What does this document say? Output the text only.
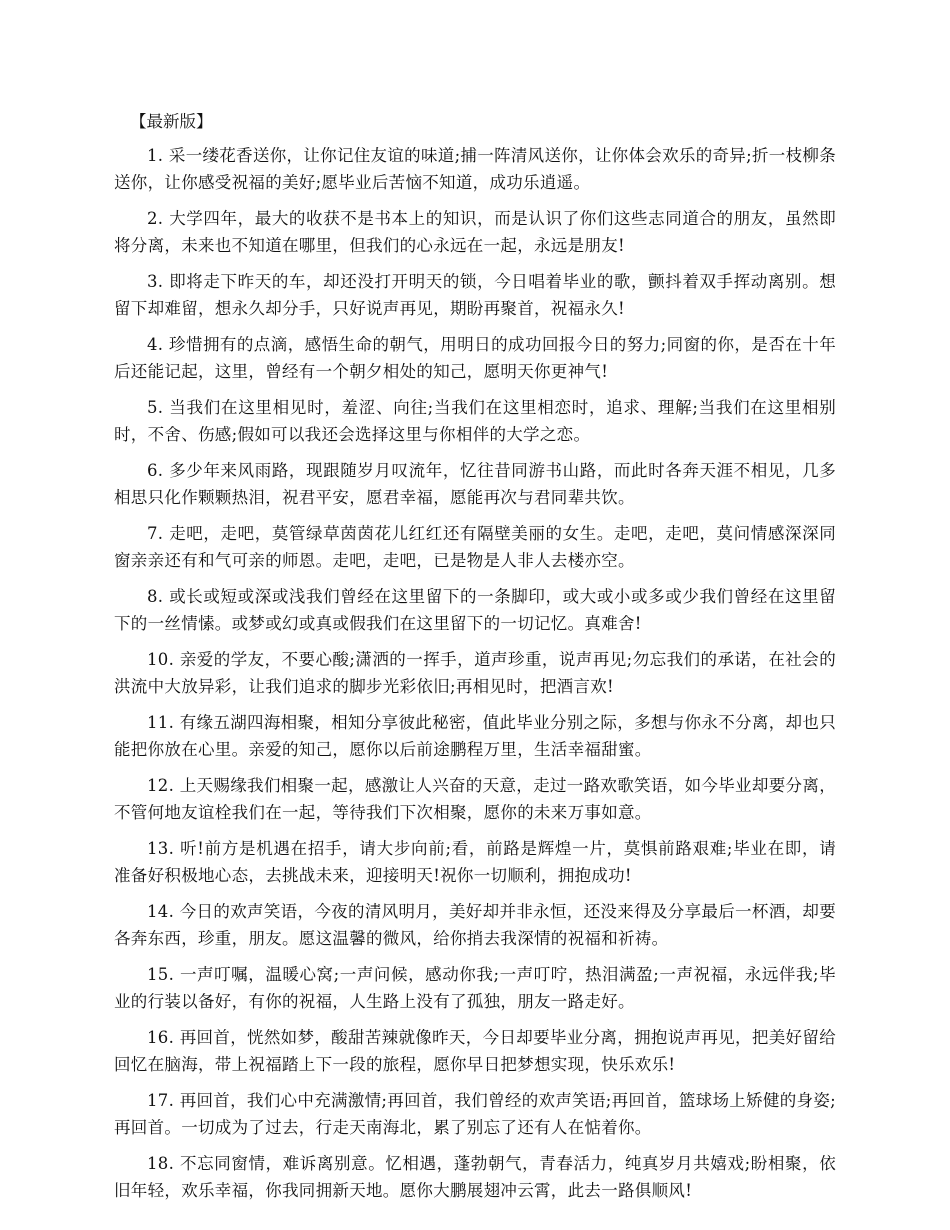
【最新版】

1. 采一缕花香送你，让你记住友谊的味道;捕一阵清风送你，让你体会欢乐的奇异;折一枝柳条送你，让你感受祝福的美好;愿毕业后苦恼不知道，成功乐逍遥。

2. 大学四年，最大的收获不是书本上的知识，而是认识了你们这些志同道合的朋友，虽然即将分离，未来也不知道在哪里，但我们的心永远在一起，永远是朋友!

3. 即将走下昨天的车，却还没打开明天的锁，今日唱着毕业的歌，颤抖着双手挥动离别。想留下却难留，想永久却分手，只好说声再见，期盼再聚首，祝福永久!

4. 珍惜拥有的点滴，感悟生命的朝气，用明日的成功回报今日的努力;同窗的你，是否在十年后还能记起，这里，曾经有一个朝夕相处的知己，愿明天你更神气!

5. 当我们在这里相见时，羞涩、向往;当我们在这里相恋时，追求、理解;当我们在这里相别时，不舍、伤感;假如可以我还会选择这里与你相伴的大学之恋。

6. 多少年来风雨路，现跟随岁月叹流年，忆往昔同游书山路，而此时各奔天涯不相见，几多相思只化作颗颗热泪，祝君平安，愿君幸福，愿能再次与君同辈共饮。

7. 走吧，走吧，莫管绿草茵茵花儿红红还有隔壁美丽的女生。走吧，走吧，莫问情感深深同窗亲亲还有和气可亲的师恩。走吧，走吧，已是物是人非人去楼亦空。

8. 或长或短或深或浅我们曾经在这里留下的一条脚印，或大或小或多或少我们曾经在这里留下的一丝情愫。或梦或幻或真或假我们在这里留下的一切记忆。真难舍!

10. 亲爱的学友，不要心酸;潇洒的一挥手，道声珍重，说声再见;勿忘我们的承诺，在社会的洪流中大放异彩，让我们追求的脚步光彩依旧;再相见时，把酒言欢!

11. 有缘五湖四海相聚，相知分享彼此秘密，值此毕业分别之际，多想与你永不分离，却也只能把你放在心里。亲爱的知己，愿你以后前途鹏程万里，生活幸福甜蜜。

12. 上天赐缘我们相聚一起，感激让人兴奋的天意，走过一路欢歌笑语，如今毕业却要分离，不管何地友谊栓我们在一起，等待我们下次相聚，愿你的未来万事如意。

13. 听!前方是机遇在招手，请大步向前;看，前路是辉煌一片，莫惧前路艰难;毕业在即，请准备好积极地心态，去挑战未来，迎接明天!祝你一切顺利，拥抱成功!

14. 今日的欢声笑语，今夜的清风明月，美好却并非永恒，还没来得及分享最后一杯酒，却要各奔东西，珍重，朋友。愿这温馨的微风，给你捎去我深情的祝福和祈祷。

15. 一声叮嘱，温暖心窝;一声问候，感动你我;一声叮咛，热泪满盈;一声祝福，永远伴我;毕业的行装以备好，有你的祝福，人生路上没有了孤独，朋友一路走好。

16. 再回首，恍然如梦，酸甜苦辣就像昨天，今日却要毕业分离，拥抱说声再见，把美好留给回忆在脑海，带上祝福踏上下一段的旅程，愿你早日把梦想实现，快乐欢乐!

17. 再回首，我们心中充满激情;再回首，我们曾经的欢声笑语;再回首，篮球场上矫健的身姿;再回首。一切成为了过去，行走天南海北，累了别忘了还有人在惦着你。

18. 不忘同窗情，难诉离别意。忆相遇，蓬勃朝气，青春活力，纯真岁月共嬉戏;盼相聚，依旧年轻，欢乐幸福，你我同拥新天地。愿你大鹏展翅冲云霄，此去一路俱顺风!
